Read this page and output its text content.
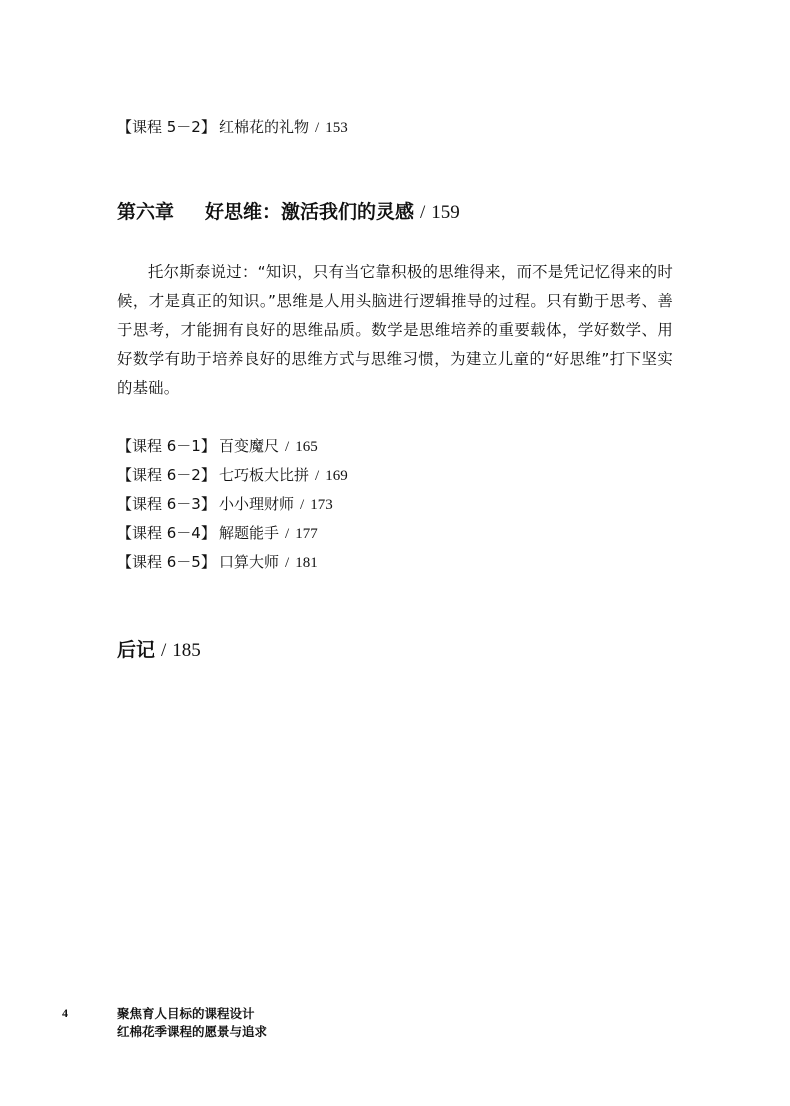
【课程 5－2】 红棉花的礼物 / 153
第六章	好思维：激活我们的灵感 / 159

托尔斯泰说过：“知识，只有当它靠积极的思维得来，而不是凭记忆得来的时候，才是真正的知识。”思维是人用头脑进行逻辑推导的过程。只有勤于思考、善于思考，才能拥有良好的思维品质。数学是思维培养的重要载体，学好数学、用好数学有助于培养良好的思维方式与思维习惯，为建立儿童的“好思维”打下坚实的基础。

【课程 6－1】 百变魔尺 / 165
【课程 6－2】 七巧板大比拼 / 169
【课程 6－3】 小小理财师 / 173
【课程 6－4】 解题能手 / 177
【课程 6－5】 口算大师 / 181
后记 / 185
4	聚焦育人目标的课程设计
红棉花季课程的愿景与追求
